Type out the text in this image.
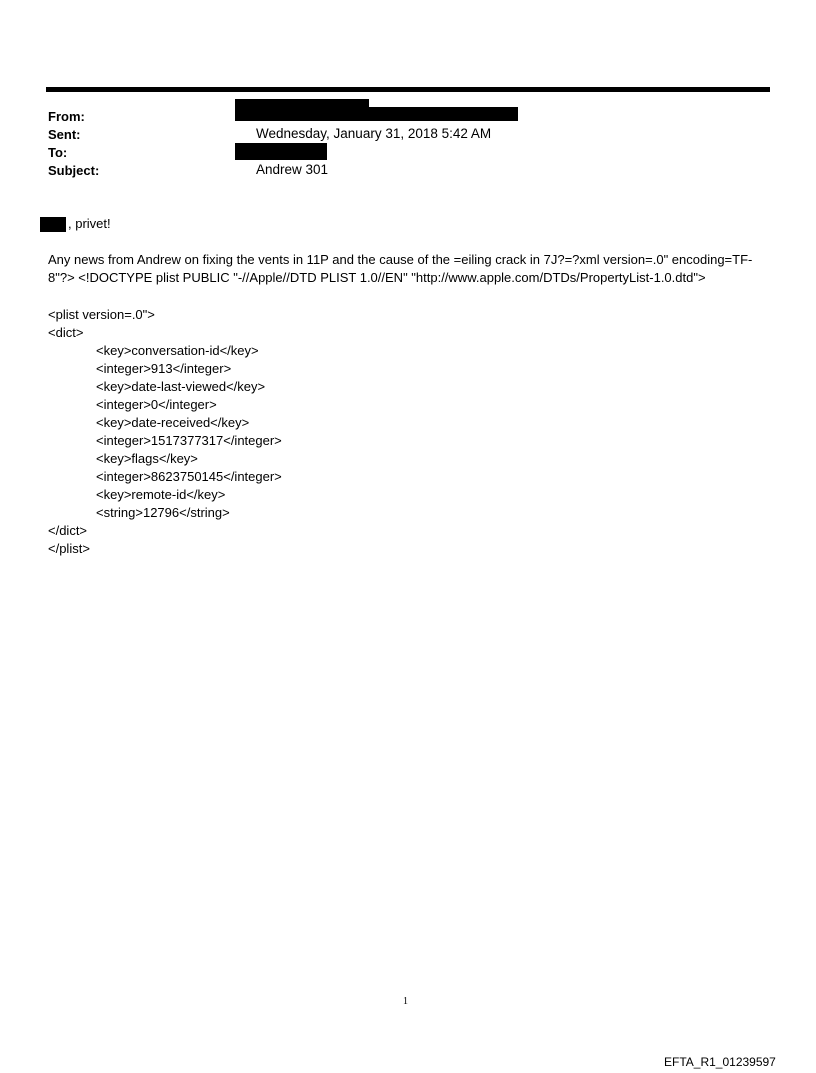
From:
Sent:	Wednesday, January 31, 2018 5:42 AM
To:
Subject:	Andrew 301
, privet!
Any news from Andrew on fixing the vents in 11P and the cause of the =eiling crack in 7J?=?xml version=.0" encoding=TF-8"?> <!DOCTYPE plist PUBLIC "-//Apple//DTD PLIST 1.0//EN" "http://www.apple.com/DTDs/PropertyList-1.0.dtd">
<plist version=.0">
<dict>
<key>conversation-id</key>
<integer>913</integer>
<key>date-last-viewed</key>
<integer>0</integer>
<key>date-received</key>
<integer>1517377317</integer>
<key>flags</key>
<integer>8623750145</integer>
<key>remote-id</key>
<string>12796</string>
</dict>
</plist>
1
EFTA_R1_01239597
